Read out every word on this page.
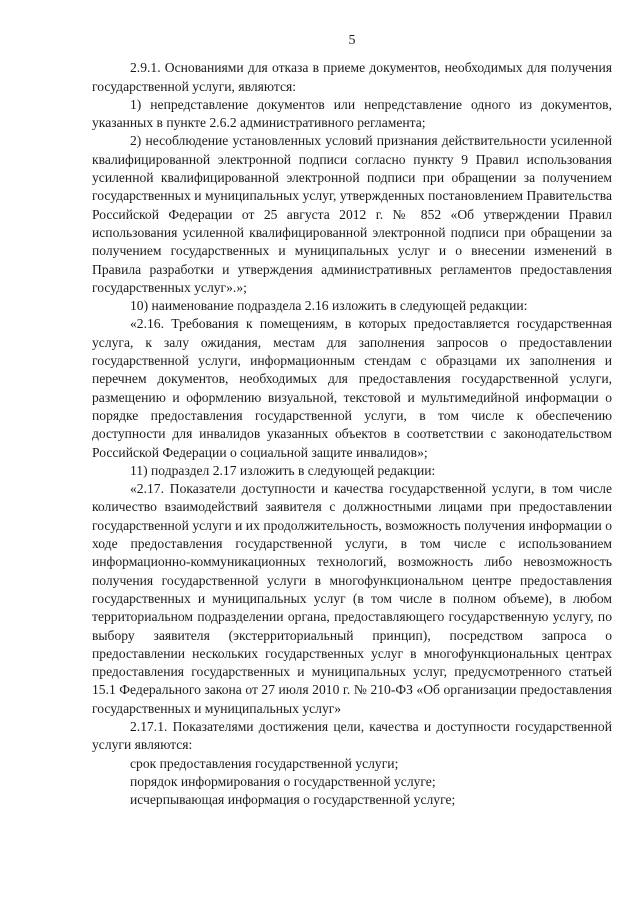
5

2.9.1. Основаниями для отказа в приеме документов, необходимых для получения государственной услуги, являются:

1) непредставление документов или непредставление одного из документов, указанных в пункте 2.6.2 административного регламента;

2) несоблюдение установленных условий признания действительности усиленной квалифицированной электронной подписи согласно пункту 9 Правил использования усиленной квалифицированной электронной подписи при обращении за получением государственных и муниципальных услуг, утвержденных постановлением Правительства Российской Федерации от 25 августа 2012 г. № 852 «Об утверждении Правил использования усиленной квалифицированной электронной подписи при обращении за получением государственных и муниципальных услуг и о внесении изменений в Правила разработки и утверждения административных регламентов предоставления государственных услуг».»;

10) наименование подраздела 2.16 изложить в следующей редакции:

«2.16. Требования к помещениям, в которых предоставляется государственная услуга, к залу ожидания, местам для заполнения запросов о предоставлении государственной услуги, информационным стендам с образцами их заполнения и перечнем документов, необходимых для предоставления государственной услуги, размещению и оформлению визуальной, текстовой и мультимедийной информации о порядке предоставления государственной услуги, в том числе к обеспечению доступности для инвалидов указанных объектов в соответствии с законодательством Российской Федерации о социальной защите инвалидов»;

11) подраздел 2.17 изложить в следующей редакции:

«2.17. Показатели доступности и качества государственной услуги, в том числе количество взаимодействий заявителя с должностными лицами при предоставлении государственной услуги и их продолжительность, возможность получения информации о ходе предоставления государственной услуги, в том числе с использованием информационно-коммуникационных технологий, возможность либо невозможность получения государственной услуги в многофункциональном центре предоставления государственных и муниципальных услуг (в том числе в полном объеме), в любом территориальном подразделении органа, предоставляющего государственную услугу, по выбору заявителя (экстерриториальный принцип), посредством запроса о предоставлении нескольких государственных услуг в многофункциональных центрах предоставления государственных и муниципальных услуг, предусмотренного статьей 15.1 Федерального закона от 27 июля 2010 г. № 210-ФЗ «Об организации предоставления государственных и муниципальных услуг»

2.17.1. Показателями достижения цели, качества и доступности государственной услуги являются:

срок предоставления государственной услуги;

порядок информирования о государственной услуге;

исчерпывающая информация о государственной услуге;
